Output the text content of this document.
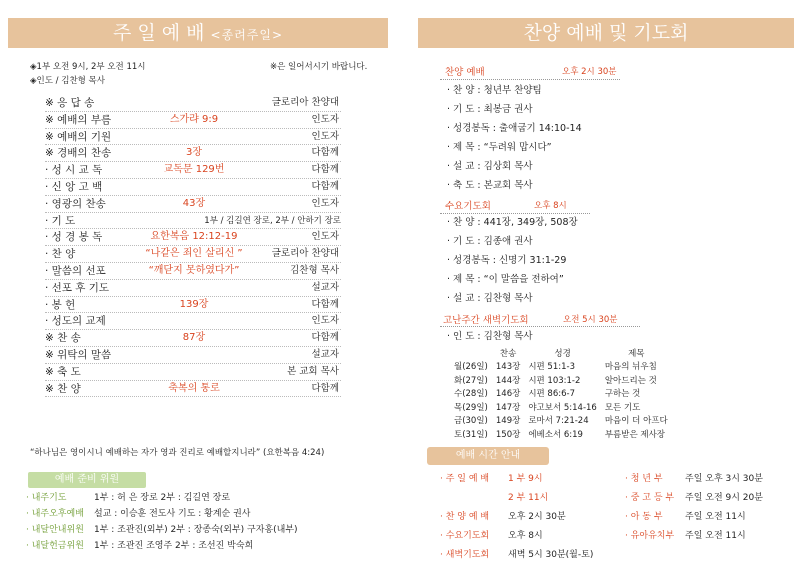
주 일 예 배 <종려주일>
◈1부 오전 9시, 2부 오전 11시
◈인도 / 김찬형 목사
※은 일어서시기 바랍니다.
※ 응 답 송	글로리아 찬양대
※ 예배의 부름	스가랴 9:9	인도자
※ 예배의 기원	인도자
※ 경배의 찬송	3장	다함께
· 성 시 교 독	교독문 129번	다함께
· 신 앙 고 백	다함께
· 영광의 찬송	43장	인도자
· 기 도	1부 / 김길연 장로, 2부 / 안하기 장로
· 성 경 봉 독	요한복음 12:12-19	인도자
· 찬 양	“나같은 죄인 살리신 ”	글로리아 찬양대
· 말씀의 선포	“깨닫지 못하였다가”	김찬형 목사
· 선포 후 기도	설교자
· 봉 헌	139장	다함께
· 성도의 교제	인도자
※ 찬 송	87장	다함께
※ 위탁의 말씀	설교자
※ 축 도	본 교회 목사
※ 찬 양	축복의 통로	다함께
“하나님은 영이시니 예배하는 자가 영과 진리로 예배할지니라” (요한복음 4:24)
예배 준비 위원
· 내주기도	1부 : 허 은 장로 2부 : 김길연 장로
· 내주오후예배 설교 : 이승훈 전도사 기도 : 황계순 권사
· 내달안내위원 1부 : 조관진(외부) 2부 : 장종숙(외부) 구자홍(내부)
· 내달헌금위원 1부 : 조관진 조영주 2부 : 조선진 박숙희
찬양 예배 및 기도회
찬양 예배	오후 2시 30분
· 찬 양 : 청년부 찬양팀
· 기 도 : 최봉금 권사
· 성경봉독 : 출애굽기 14:10-14
· 제 목 : “두려워 맙시다”
· 설 교 : 김상회 목사
· 축 도 : 본교회 목사
수요기도회	오후 8시
· 찬 양 : 441장, 349장, 508장
· 기 도 : 김종애 권사
· 성경봉독 : 신명기 31:1-29
· 제 목 : “이 말씀을 전하여”
· 설 교 : 김찬형 목사
고난주간 새벽기도회	오전 5시 30분
· 인 도 : 김찬형 목사
	찬송	성경	제목
월(26일)	143장	시편 51:1-3	마음의 뉘우침
화(27일)	144장	시편 103:1-2	알아드리는 것
수(28일)	146장	시편 86:6-7	구하는 것
목(29일)	147장	야고보서 5:14-16	모든 기도
금(30일)	149장	로마서 7:21-24	마음이 더 아프다
토(31일)	150장	에베소서 6:19	부름받은 제사장
예배 시간 안내
· 주 일 예 배 1 부 9시
2 부 11시
· 찬 양 예 배 오후 2시 30분
· 수요기도회 오후 8시
· 새벽기도회 새벽 5시 30분(월-토)
· 청 년 부 주일 오후 3시 30분
· 중 고 등 부 주일 오전 9시 20분
· 아 동 부 주일 오전 11시
· 유아유치부 주일 오전 11시
